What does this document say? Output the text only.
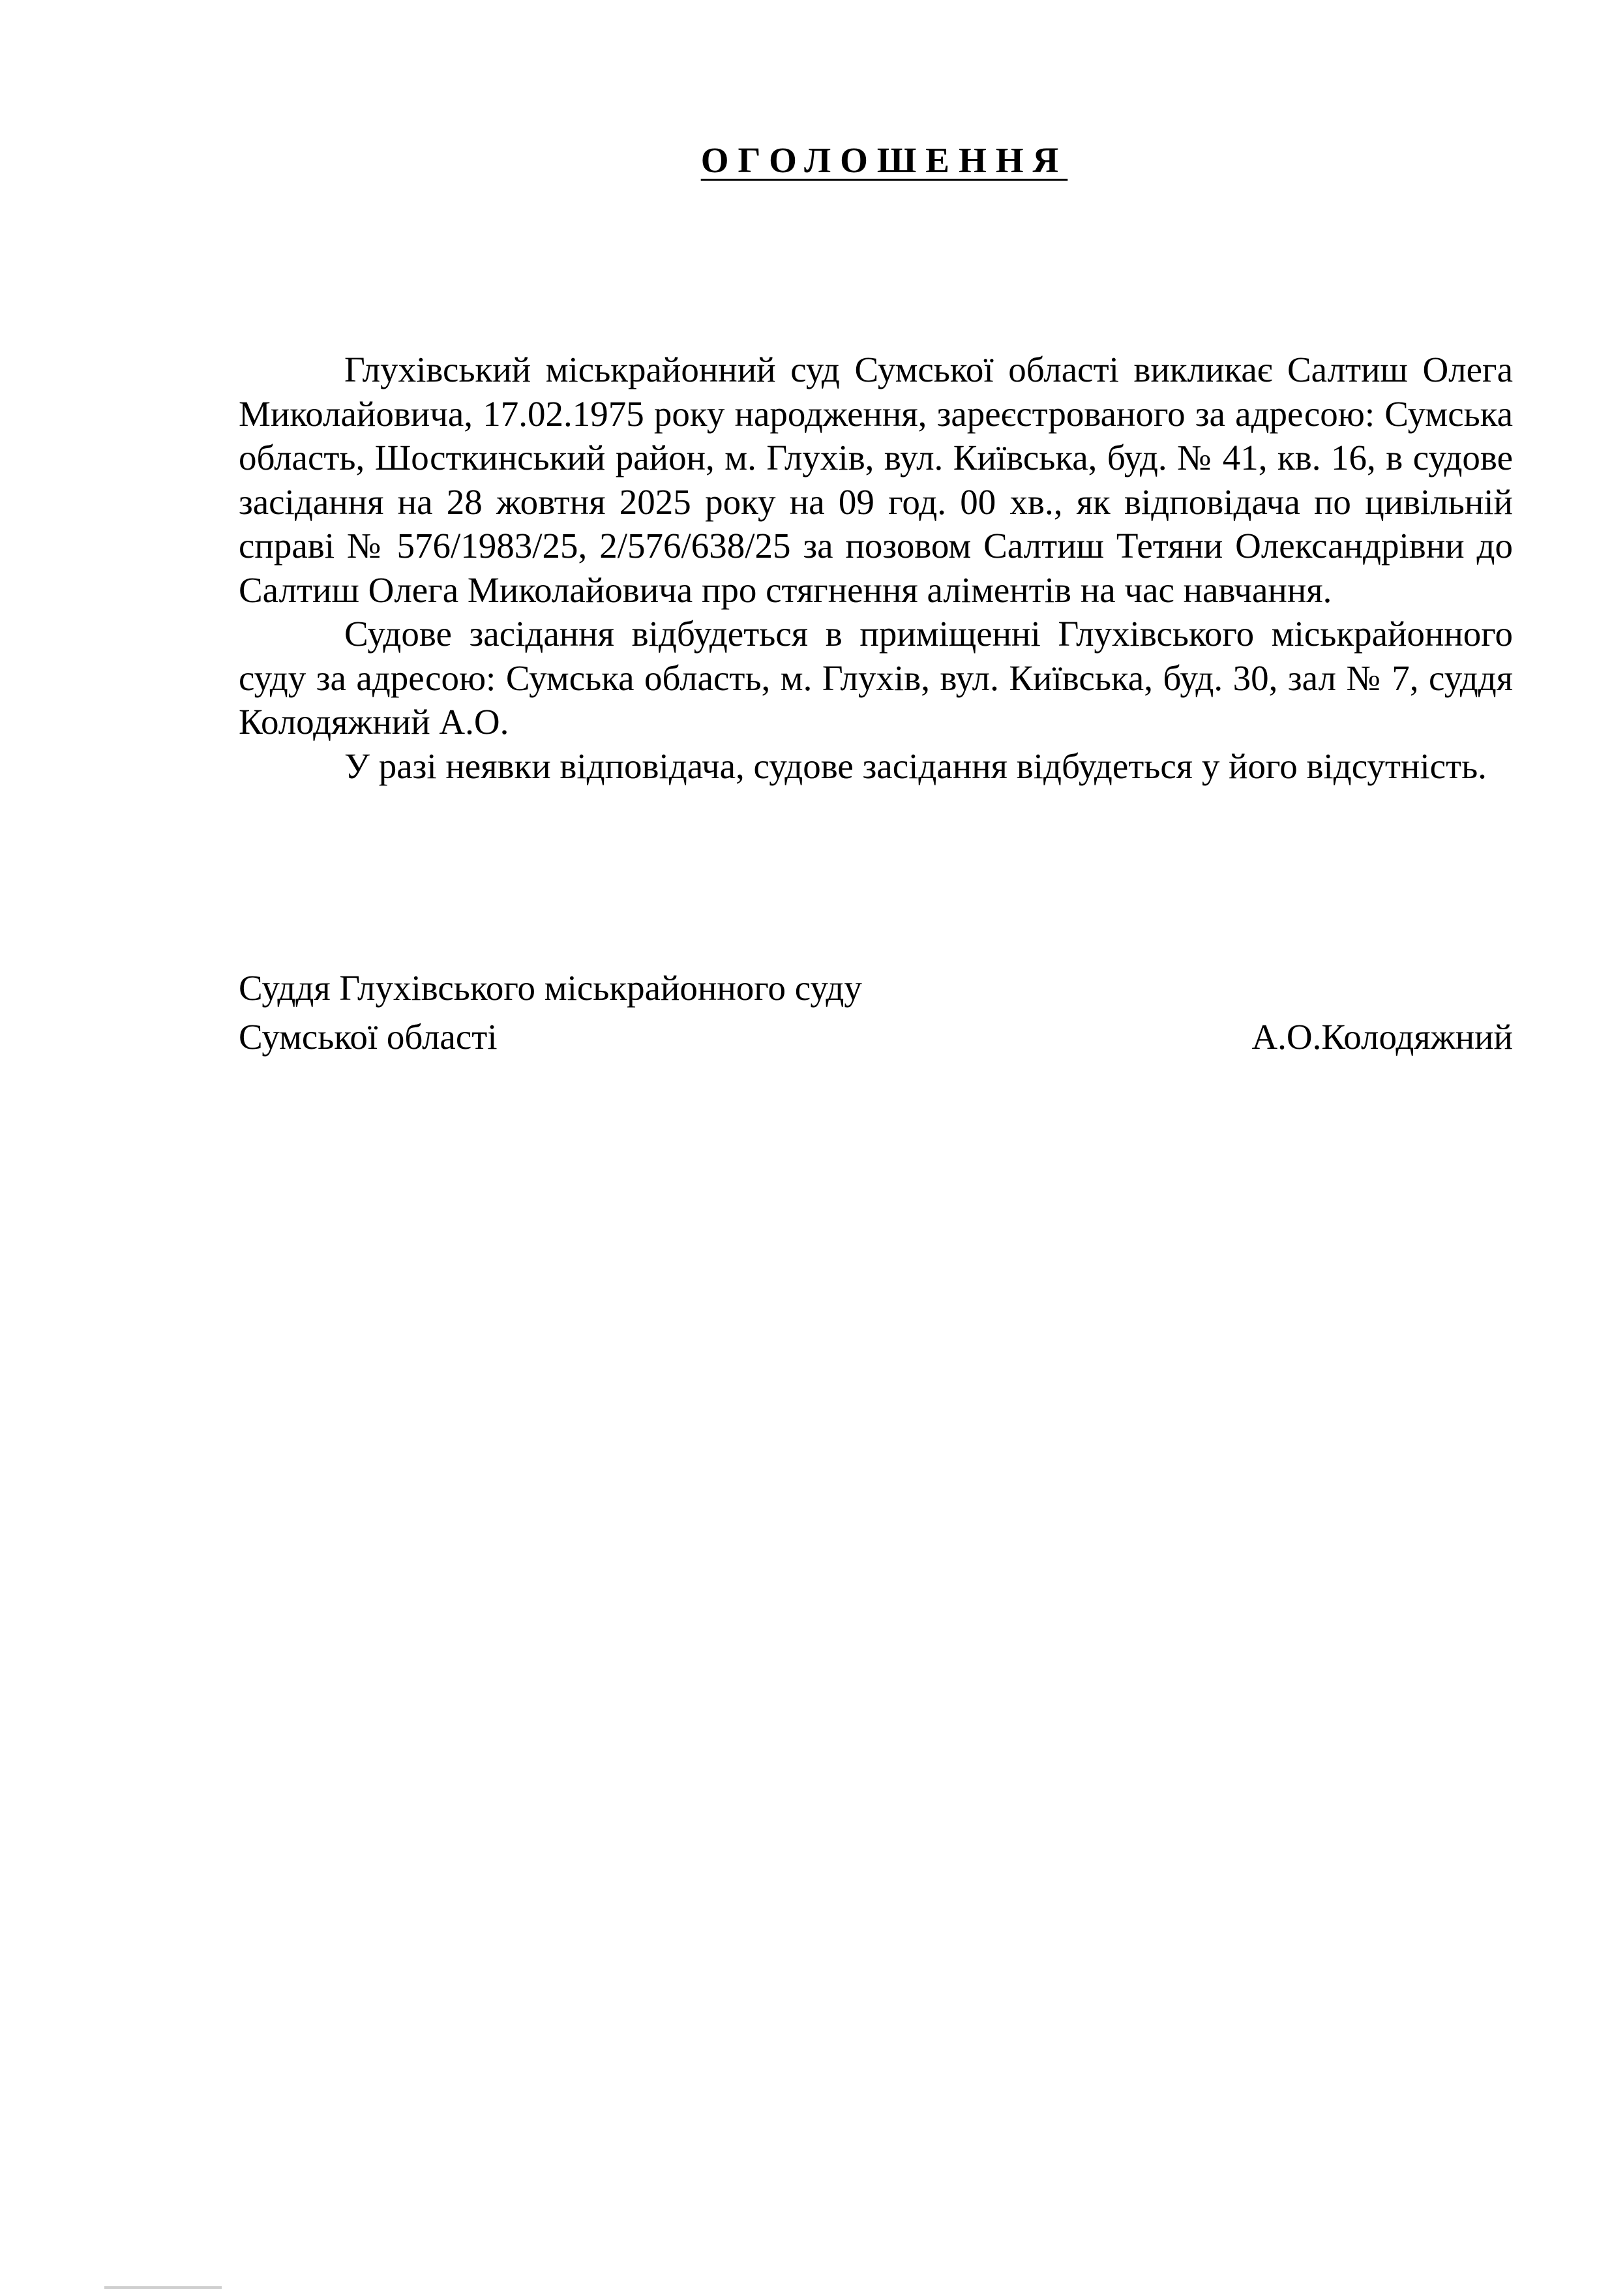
ОГОЛОШЕННЯ

Глухівський міськрайонний суд Сумської області викликає Салтиш Олега Миколайовича, 17.02.1975 року народження, зареєстрованого за адресою: Сумська область, Шосткинський район, м. Глухів, вул. Київська, буд. № 41, кв. 16, в судове засідання на 28 жовтня 2025 року на 09 год. 00 хв., як відповідача по цивільній справі № 576/1983/25, 2/576/638/25 за позовом Салтиш Тетяни Олександрівни до Салтиш Олега Миколайовича про стягнення аліментів на час навчання.

Судове засідання відбудеться в приміщенні Глухівського міськрайонного суду за адресою: Сумська область, м. Глухів, вул. Київська, буд. 30, зал № 7, суддя Колодяжний А.О.

У разі неявки відповідача, судове засідання відбудеться у його відсутність.

Суддя Глухівського міськрайонного суду
Сумської області	А.О.Колодяжний
